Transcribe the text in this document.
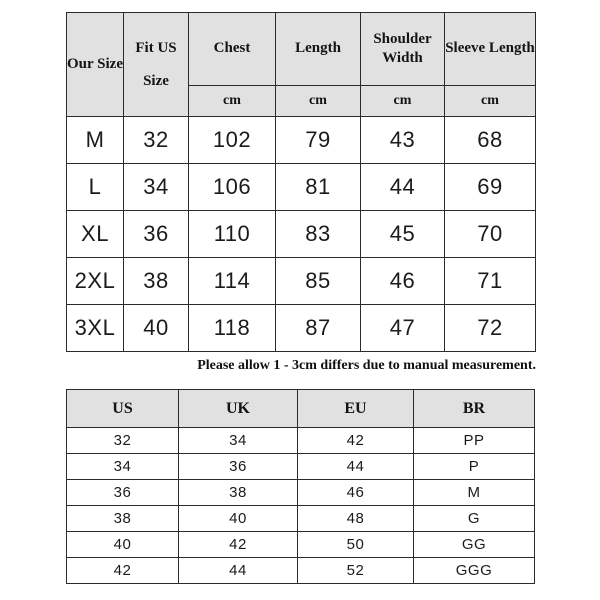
Our Size	Fit US Size	Chest	Length	Shoulder Width	Sleeve Length
		cm	cm	cm	cm
M	32	102	79	43	68
L	34	106	81	44	69
XL	36	110	83	45	70
2XL	38	114	85	46	71
3XL	40	118	87	47	72
Please allow 1 - 3cm differs due to manual measurement.
US	UK	EU	BR
32	34	42	PP
34	36	44	P
36	38	46	M
38	40	48	G
40	42	50	GG
42	44	52	GGG
